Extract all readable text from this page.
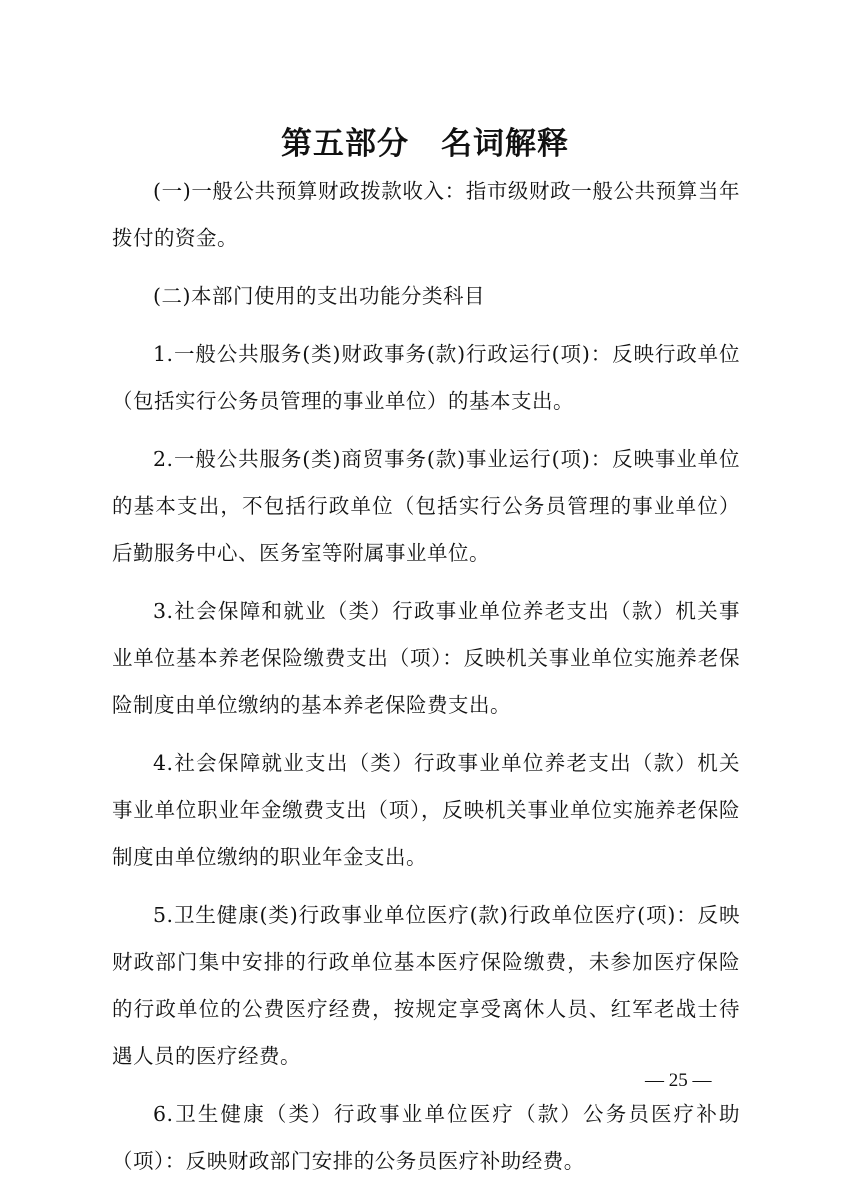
第五部分　名词解释

(一)一般公共预算财政拨款收入：指市级财政一般公共预算当年拨付的资金。

(二)本部门使用的支出功能分类科目

1.一般公共服务(类)财政事务(款)行政运行(项)：反映行政单位（包括实行公务员管理的事业单位）的基本支出。

2.一般公共服务(类)商贸事务(款)事业运行(项)：反映事业单位的基本支出，不包括行政单位（包括实行公务员管理的事业单位）后勤服务中心、医务室等附属事业单位。

3.社会保障和就业（类）行政事业单位养老支出（款）机关事业单位基本养老保险缴费支出（项）：反映机关事业单位实施养老保险制度由单位缴纳的基本养老保险费支出。

4.社会保障就业支出（类）行政事业单位养老支出（款）机关事业单位职业年金缴费支出（项），反映机关事业单位实施养老保险制度由单位缴纳的职业年金支出。

5.卫生健康(类)行政事业单位医疗(款)行政单位医疗(项)：反映财政部门集中安排的行政单位基本医疗保险缴费，未参加医疗保险的行政单位的公费医疗经费，按规定享受离休人员、红军老战士待遇人员的医疗经费。

6.卫生健康（类）行政事业单位医疗（款）公务员医疗补助（项）：反映财政部门安排的公务员医疗补助经费。

— 25 —
